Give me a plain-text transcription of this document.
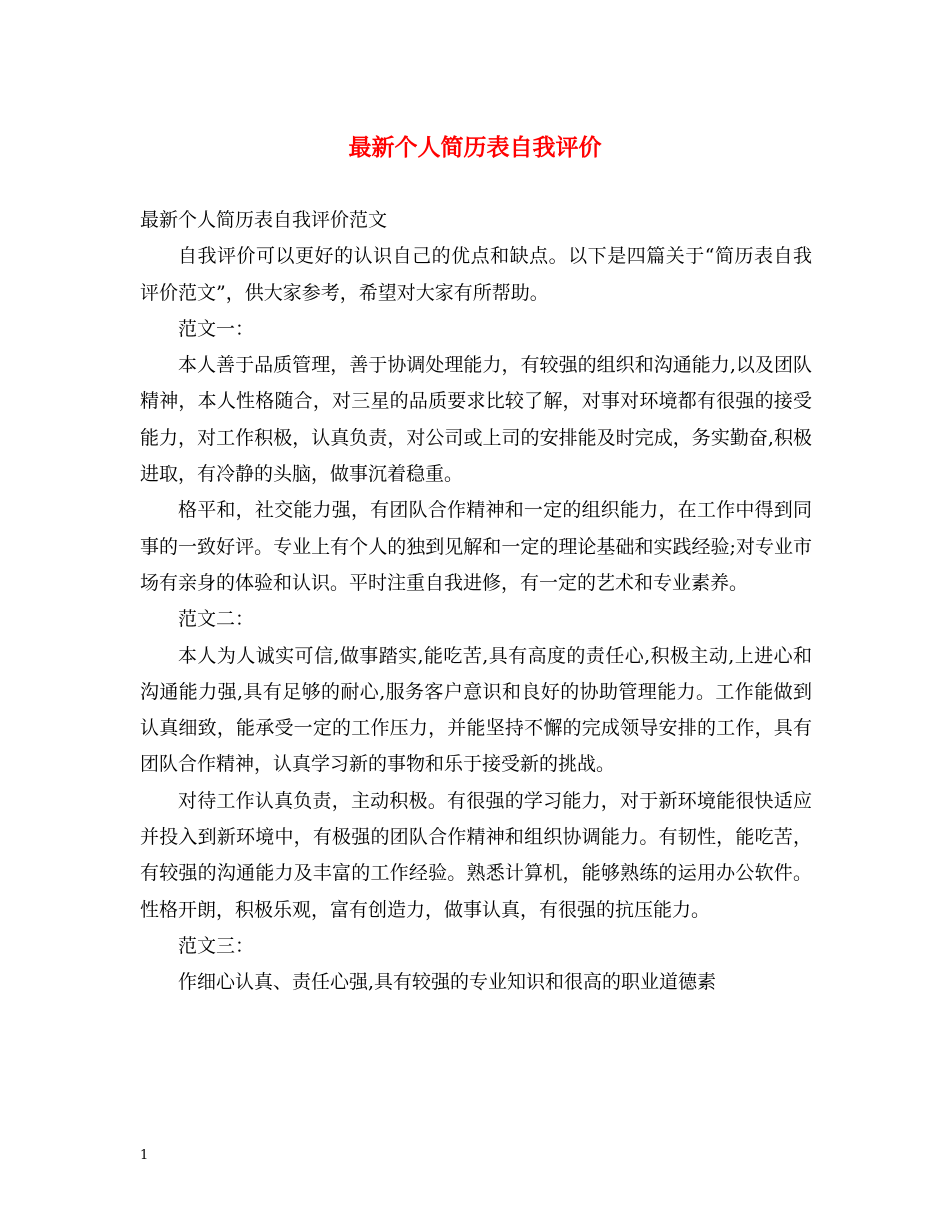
最新个人简历表自我评价

最新个人简历表自我评价范文

自我评价可以更好的认识自己的优点和缺点。以下是四篇关于“简历表自我评价范文”，供大家参考，希望对大家有所帮助。

范文一：

本人善于品质管理，善于协调处理能力，有较强的组织和沟通能力,以及团队精神，本人性格随合，对三星的品质要求比较了解，对事对环境都有很强的接受能力，对工作积极，认真负责，对公司或上司的安排能及时完成，务实勤奋,积极进取，有冷静的头脑，做事沉着稳重。

格平和，社交能力强，有团队合作精神和一定的组织能力，在工作中得到同事的一致好评。专业上有个人的独到见解和一定的理论基础和实践经验;对专业市场有亲身的体验和认识。平时注重自我进修，有一定的艺术和专业素养。

范文二：

本人为人诚实可信,做事踏实,能吃苦,具有高度的责任心,积极主动,上进心和沟通能力强,具有足够的耐心,服务客户意识和良好的协助管理能力。工作能做到认真细致，能承受一定的工作压力，并能坚持不懈的完成领导安排的工作，具有团队合作精神，认真学习新的事物和乐于接受新的挑战。

对待工作认真负责，主动积极。有很强的学习能力，对于新环境能很快适应并投入到新环境中，有极强的团队合作精神和组织协调能力。有韧性，能吃苦，有较强的沟通能力及丰富的工作经验。熟悉计算机，能够熟练的运用办公软件。性格开朗，积极乐观，富有创造力，做事认真，有很强的抗压能力。

范文三：

作细心认真、责任心强,具有较强的专业知识和很高的职业道德素

1
